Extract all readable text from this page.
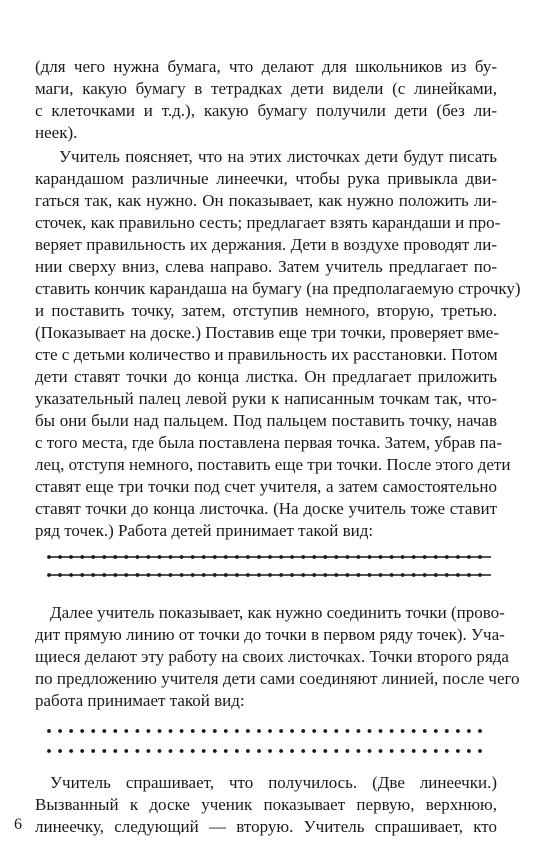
(для чего нужна бумага, что делают для школьников из бу-
маги, какую бумагу в тетрадках дети видели (с линейками,
с клеточками и т.д.), какую бумагу получили дети (без ли-
неек).
Учитель поясняет, что на этих листочках дети будут писать
карандашом различные линеечки, чтобы рука привыкла дви-
гаться так, как нужно. Он показывает, как нужно положить ли-
сточек, как правильно сесть; предлагает взять карандаши и про-
веряет правильность их держания. Дети в воздухе проводят ли-
нии сверху вниз, слева направо. Затем учитель предлагает по-
ставить кончик карандаша на бумагу (на предполагаемую строчку)
и поставить точку, затем, отступив немного, вторую, третью.
(Показывает на доске.) Поставив еще три точки, проверяет вме-
сте с детьми количество и правильность их расстановки. Потом
дети ставят точки до конца листка. Он предлагает приложить
указательный палец левой руки к написанным точкам так, что-
бы они были над пальцем. Под пальцем поставить точку, начав
с того места, где была поставлена первая точка. Затем, убрав па-
лец, отступя немного, поставить еще три точки. После этого дети
ставят еще три точки под счет учителя, а затем самостоятельно
ставят точки до конца листочка. (На доске учитель тоже ставит
ряд точек.) Работа детей принимает такой вид:
Далее учитель показывает, как нужно соединить точки (прово-
дит прямую линию от точки до точки в первом ряду точек). Уча-
щиеся делают эту работу на своих листочках. Точки второго ряда
по предложению учителя дети сами соединяют линией, после чего
работа принимает такой вид:
Учитель спрашивает, что получилось. (Две линеечки.)
Вызванный к доске ученик показывает первую, верхнюю,
линеечку, следующий — вторую. Учитель спрашивает, кто
6
